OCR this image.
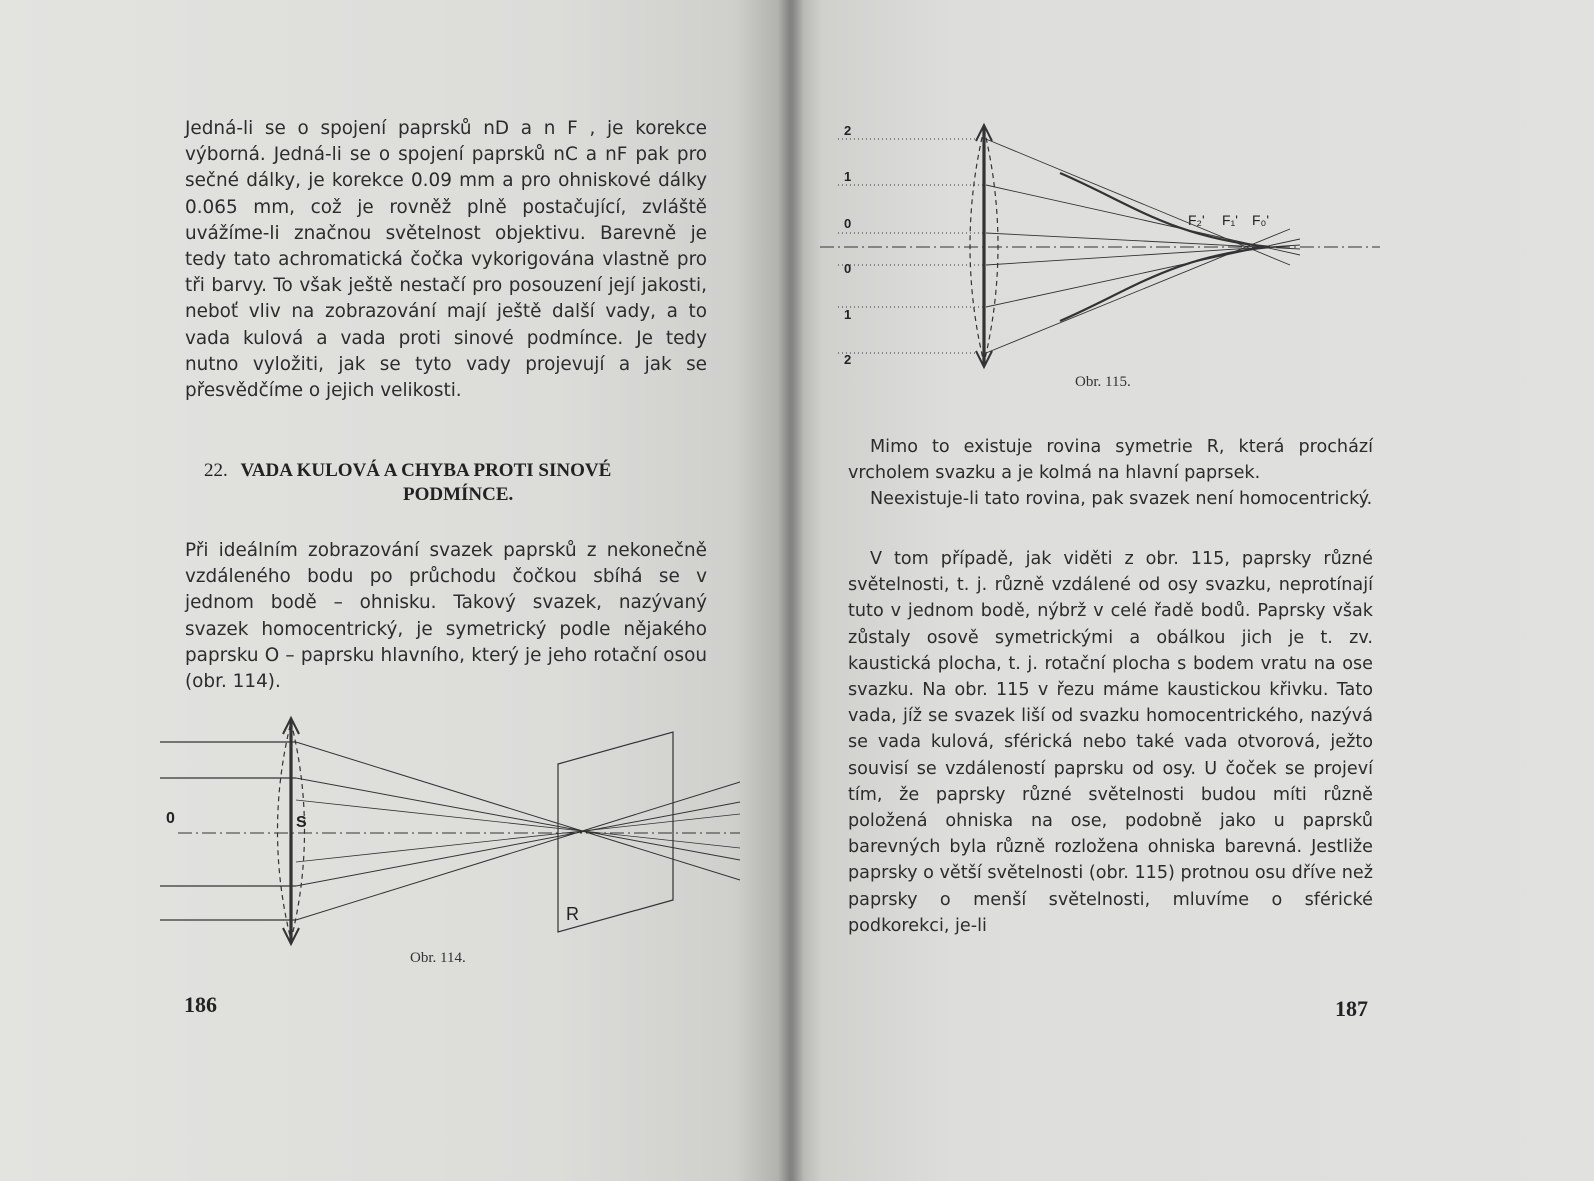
Jedná-li se o spojení paprsků nD a n F , je korekce výborná. Jedná-li se o spojení paprsků nC a nF pak pro sečné dálky, je korekce 0.09 mm a pro ohniskové dálky 0.065 mm, což je rovněž plně postačující, zvláště uvážíme-li značnou světelnost objektivu. Barevně je tedy tato achromatická čočka vykorigována vlastně pro tři barvy. To však ještě nestačí pro posouzení její jakosti, neboť vliv na zobrazování mají ještě další vady, a to vada kulová a vada proti sinové podmínce. Je tedy nutno vyložiti, jak se tyto vady projevují a jak se přesvědčíme o jejich velikosti.

22. VADA KULOVÁ A CHYBA PROTI SINOVÉ
PODMÍNCE.

Při ideálním zobrazování svazek paprsků z nekonečně vzdáleného bodu po průchodu čočkou sbíhá se v jednom bodě – ohnisku. Takový svazek, nazývaný svazek homocentrický, je symetrický podle nějakého paprsku O – paprsku hlavního, který je jeho rotační osou (obr. 114).

0	S
R
Obr. 114.
186
2
1
0
0
1
2
F₂' F₁' F₀'
Obr. 115.

Mimo to existuje rovina symetrie R, která prochází vrcholem svazku a je kolmá na hlavní paprsek.

Neexistuje-li tato rovina, pak svazek není homocentrický.

V tom případě, jak viděti z obr. 115, paprsky různé světelnosti, t. j. různě vzdálené od osy svazku, neprotínají tuto v jednom bodě, nýbrž v celé řadě bodů. Paprsky však zůstaly osově symetrickými a obálkou jich je t. zv. kaustická plocha, t. j. rotační plocha s bodem vratu na ose svazku. Na obr. 115 v řezu máme kaustickou křivku. Tato vada, jíž se svazek liší od svazku homocentrického, nazývá se vada kulová, sférická nebo také vada otvorová, ježto souvisí se vzdáleností paprsku od osy. U čoček se projeví tím, že paprsky různé světelnosti budou míti různě položená ohniska na ose, podobně jako u paprsků barevných byla různě rozložena ohniska barevná. Jestliže paprsky o větší světelnosti (obr. 115) protnou osu dříve než paprsky o menší světelnosti, mluvíme o sférické podkorekci, je-li

187
